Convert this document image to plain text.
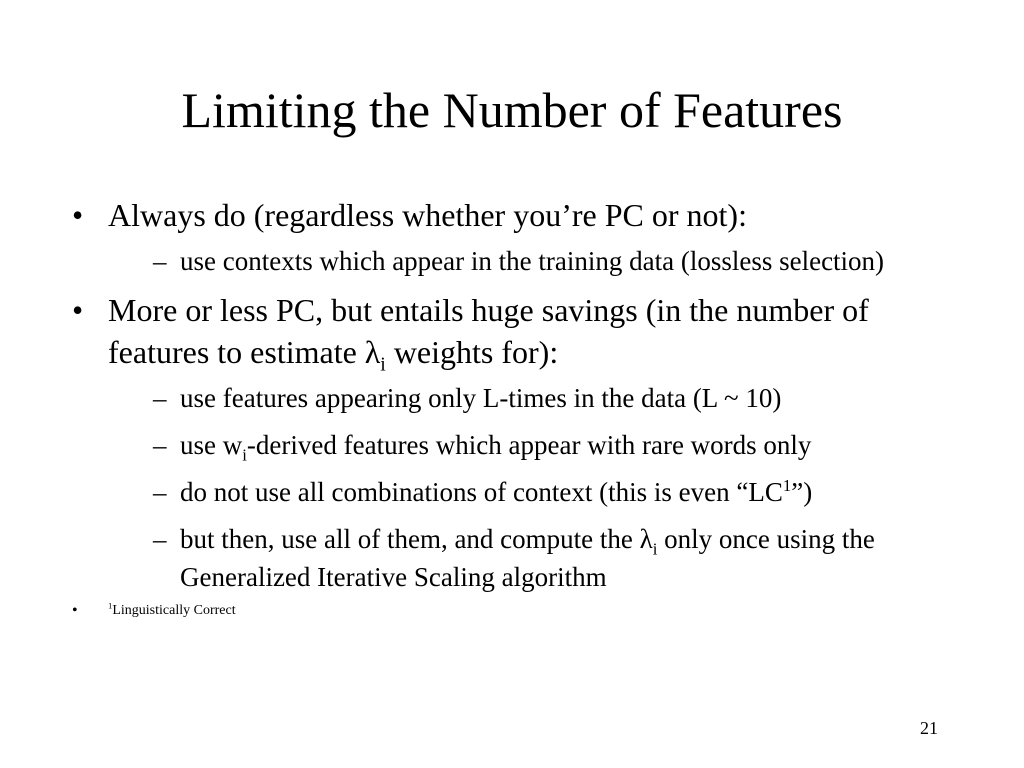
Limiting the Number of Features
• Always do (regardless whether you’re PC or not):
– use contexts which appear in the training data (lossless selection)
• More or less PC, but entails huge savings (in the number of features to estimate $\lambda_i$ weights for):
– use features appearing only L-times in the data (L ~ 10)
– use $w_i$-derived features which appear with rare words only
– do not use all combinations of context (this is even “$LC^1$”)
– but then, use all of them, and compute the $\lambda_i$ only once using the Generalized Iterative Scaling algorithm
•	$^1$Linguistically Correct
21
